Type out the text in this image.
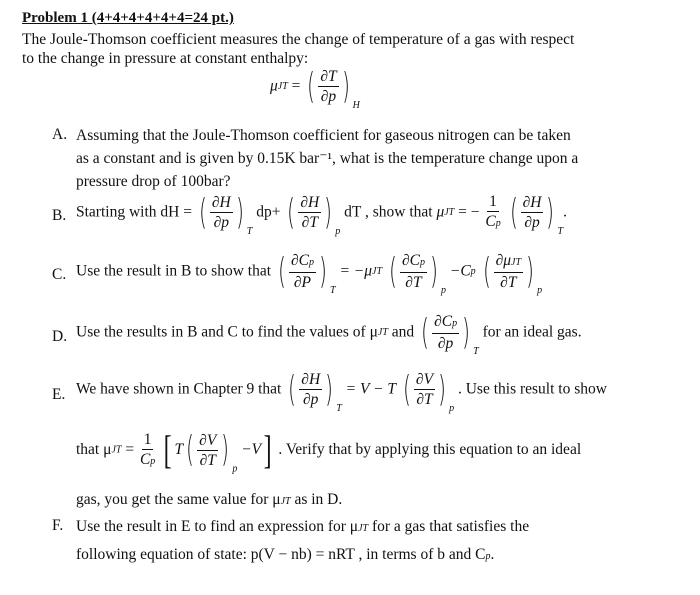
Problem 1 (4+4+4+4+4+4=24 pt.)
The Joule-Thomson coefficient measures the change of temperature of a gas with respect
to the change in pressure at constant enthalpy:
μJT = ( $\frac{\partial T}{\partial p}$ ) $_H$
A. Assuming that the Joule-Thomson coefficient for gaseous nitrogen can be taken
as a constant and is given by 0.15K bar⁻¹, what is the temperature change upon a
pressure drop of 100bar?
B. Starting with dH = ( $\frac{\partial H}{\partial p}$ ) $_T$ dp+ ( $\frac{\partial H}{\partial T}$ ) $_p$ dT , show that μJT = − $\frac{1}{Cp}$ ( $\frac{\partial H}{\partial p}$ ) $_T$.
C. Use the result in B to show that ( $\frac{\partial Cp}{\partial P}$ ) $_T$ = −μJT ( $\frac{\partial Cp}{\partial T}$ ) $_p$ −Cp ( $\frac{\text{∂μJT}}{\partial T}$ ) $_p$
D. Use the results in B and C to find the values of μJT and ( $\frac{\partial Cp}{\partial p}$ ) $_T$ for an ideal gas.
E. We have shown in Chapter 9 that ( $\frac{\partial H}{\partial p}$ ) $_T$ = V − T ( $\frac{\partial V}{\partial T}$ ) $_p$ . Use this result to show
that $\mu JT = \frac{1}{Cp}$ [ $T( \frac{\partial V}{\partial T}$ ) $_p$ −V] . Verify that by applying this equation to an ideal
gas, you get the same value for μJT as in D.
F. Use the result in E to find an expression for μJT for a gas that satisfies the
following equation of state: p(V − nb) = nRT , in terms of b and Cp.
